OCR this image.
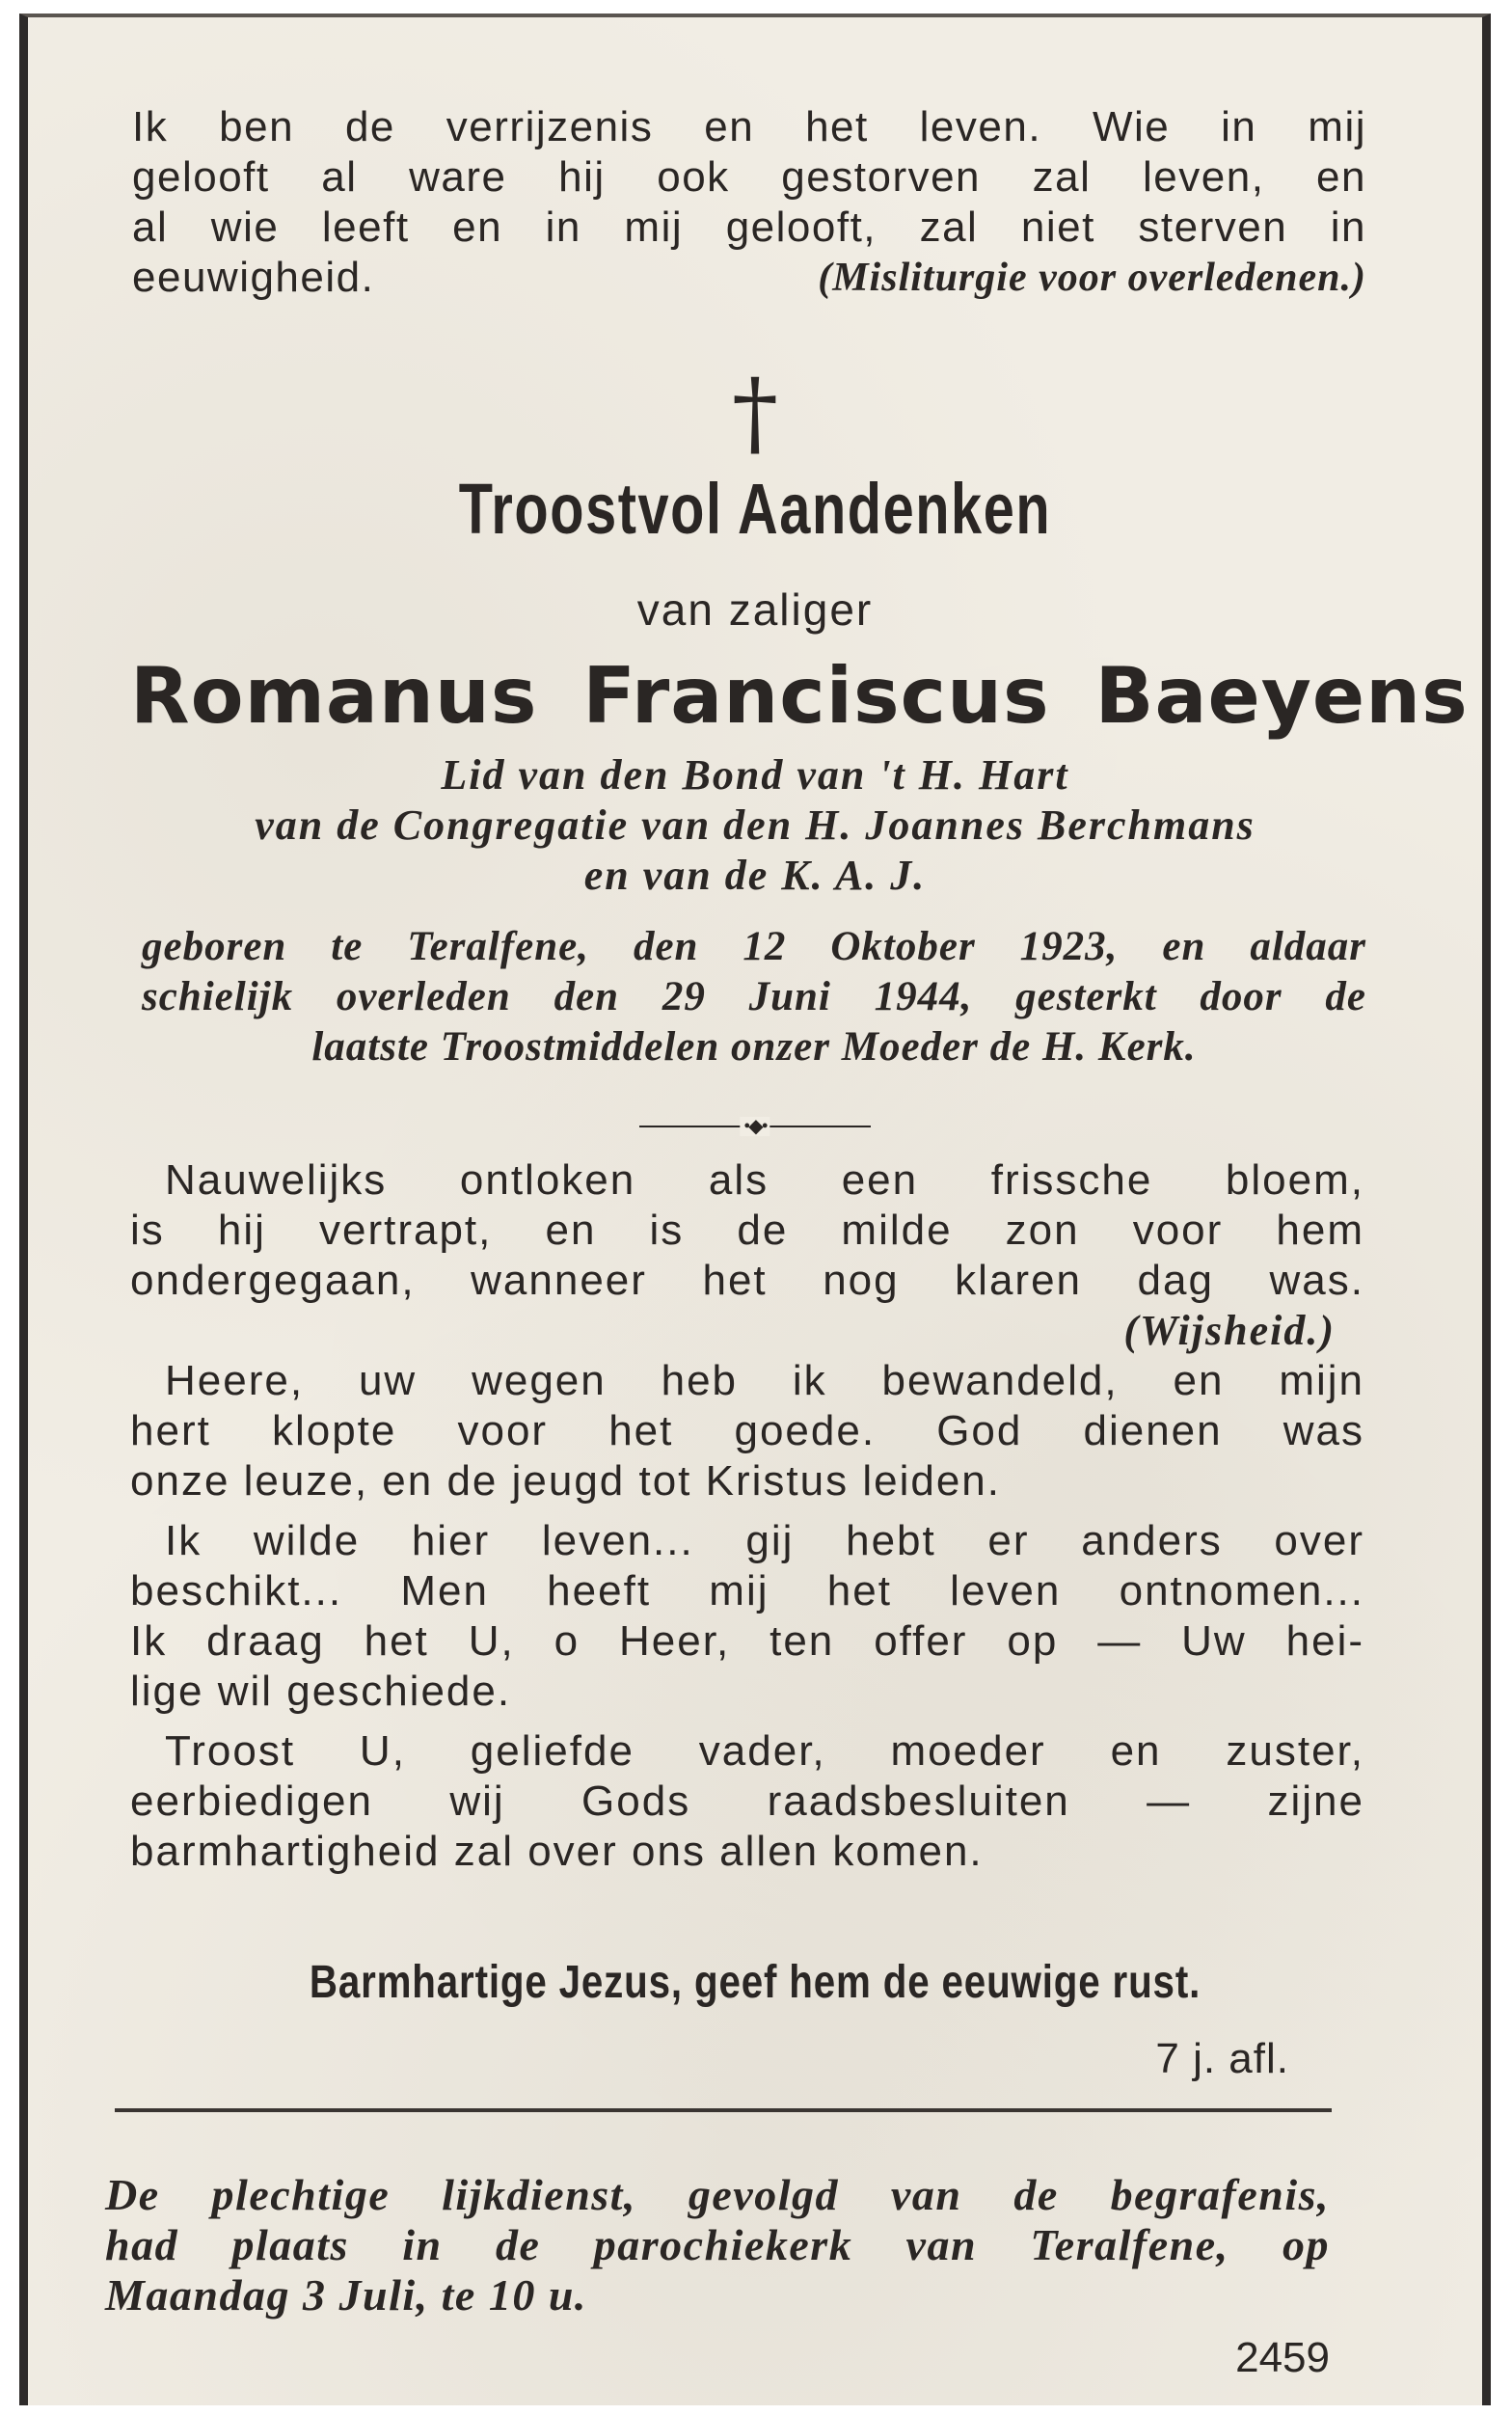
Ik ben de verrijzenis en het leven. Wie in mij
gelooft al ware hij ook gestorven zal leven, en
al wie leeft en in mij gelooft, zal niet sterven in
eeuwigheid.	(Misliturgie voor overledenen.)
†
Troostvol Aandenken
van zaliger
Romanus Franciscus Baeyens
Lid van den Bond van 't H. Hart
van de Congregatie van den H. Joannes Berchmans
en van de K. A. J.
geboren te Teralfene, den 12 Oktober 1923, en aldaar
schielijk overleden den 29 Juni 1944, gesterkt door de
laatste Troostmiddelen onzer Moeder de H. Kerk.
•◆•
Nauwelijks ontloken als een frissche bloem,
is hij vertrapt, en is de milde zon voor hem
ondergegaan, wanneer het nog klaren dag was.
(Wijsheid.)
Heere, uw wegen heb ik bewandeld, en mijn
hert klopte voor het goede. God dienen was
onze leuze, en de jeugd tot Kristus leiden.
Ik wilde hier leven... gij hebt er anders over
beschikt... Men heeft mij het leven ontnomen...
Ik draag het U, o Heer, ten offer op — Uw hei-
lige wil geschiede.
Troost U, geliefde vader, moeder en zuster,
eerbiedigen wij Gods raadsbesluiten — zijne
barmhartigheid zal over ons allen komen.
Barmhartige Jezus, geef hem de eeuwige rust.
7 j. afl.
De plechtige lijkdienst, gevolgd van de begrafenis,
had plaats in de parochiekerk van Teralfene, op
Maandag 3 Juli, te 10 u.
2459
